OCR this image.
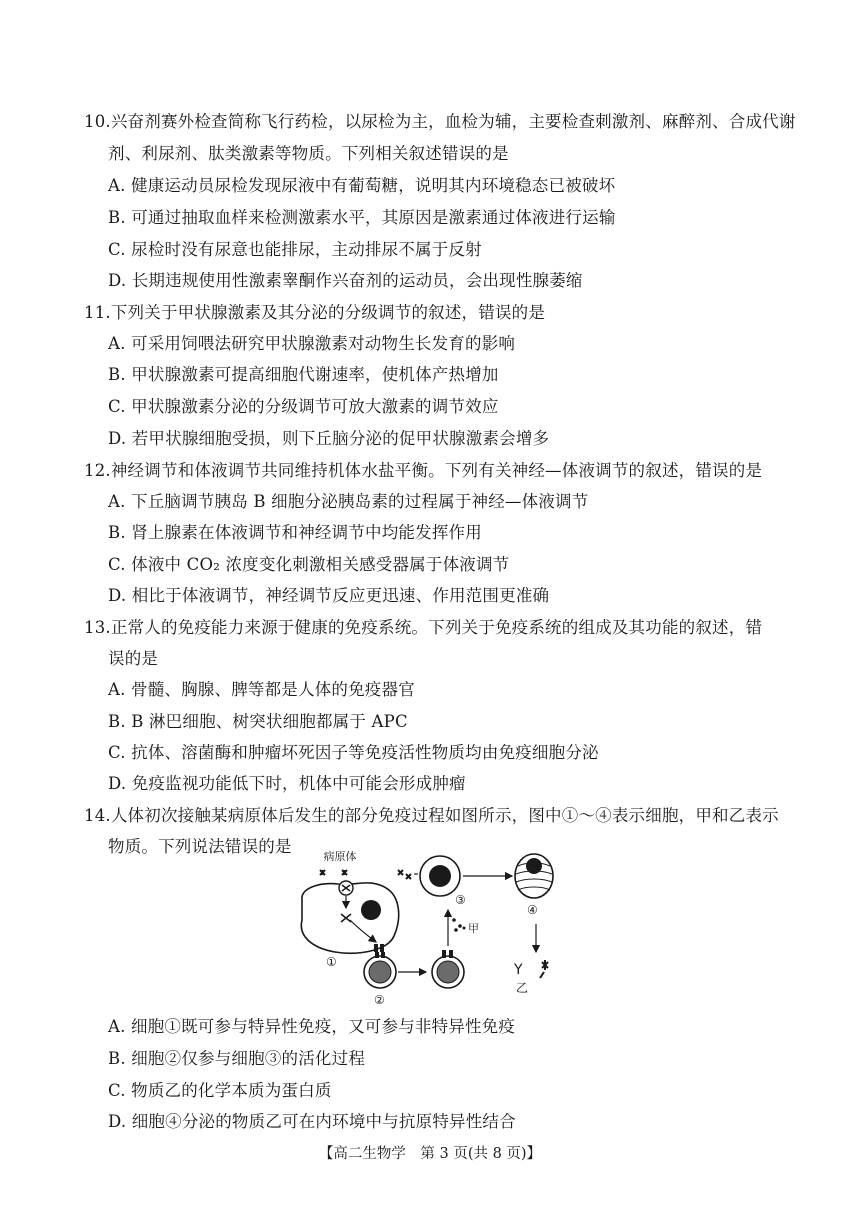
10.兴奋剂赛外检查简称飞行药检，以尿检为主，血检为辅，主要检查刺激剂、麻醉剂、合成代谢
剂、利尿剂、肽类激素等物质。下列相关叙述错误的是
A. 健康运动员尿检发现尿液中有葡萄糖，说明其内环境稳态已被破坏
B. 可通过抽取血样来检测激素水平，其原因是激素通过体液进行运输
C. 尿检时没有尿意也能排尿，主动排尿不属于反射
D. 长期违规使用性激素睾酮作兴奋剂的运动员，会出现性腺萎缩
11.下列关于甲状腺激素及其分泌的分级调节的叙述，错误的是
A. 可采用饲喂法研究甲状腺激素对动物生长发育的影响
B. 甲状腺激素可提高细胞代谢速率，使机体产热增加
C. 甲状腺激素分泌的分级调节可放大激素的调节效应
D. 若甲状腺细胞受损，则下丘脑分泌的促甲状腺激素会增多
12.神经调节和体液调节共同维持机体水盐平衡。下列有关神经—体液调节的叙述，错误的是
A. 下丘脑调节胰岛 B 细胞分泌胰岛素的过程属于神经—体液调节
B. 肾上腺素在体液调节和神经调节中均能发挥作用
C. 体液中 CO₂ 浓度变化刺激相关感受器属于体液调节
D. 相比于体液调节，神经调节反应更迅速、作用范围更准确
13.正常人的免疫能力来源于健康的免疫系统。下列关于免疫系统的组成及其功能的叙述，错
误的是
A. 骨髓、胸腺、脾等都是人体的免疫器官
B. B 淋巴细胞、树突状细胞都属于 APC
C. 抗体、溶菌酶和肿瘤坏死因子等免疫活性物质均由免疫细胞分泌
D. 免疫监视功能低下时，机体中可能会形成肿瘤
14.人体初次接触某病原体后发生的部分免疫过程如图所示，图中①～④表示细胞，甲和乙表示
物质。下列说法错误的是
病原体
①
②
甲
③
④
Y
乙
A. 细胞①既可参与特异性免疫，又可参与非特异性免疫
B. 细胞②仅参与细胞③的活化过程
C. 物质乙的化学本质为蛋白质
D. 细胞④分泌的物质乙可在内环境中与抗原特异性结合
【高二生物学　第 3 页(共 8 页)】
